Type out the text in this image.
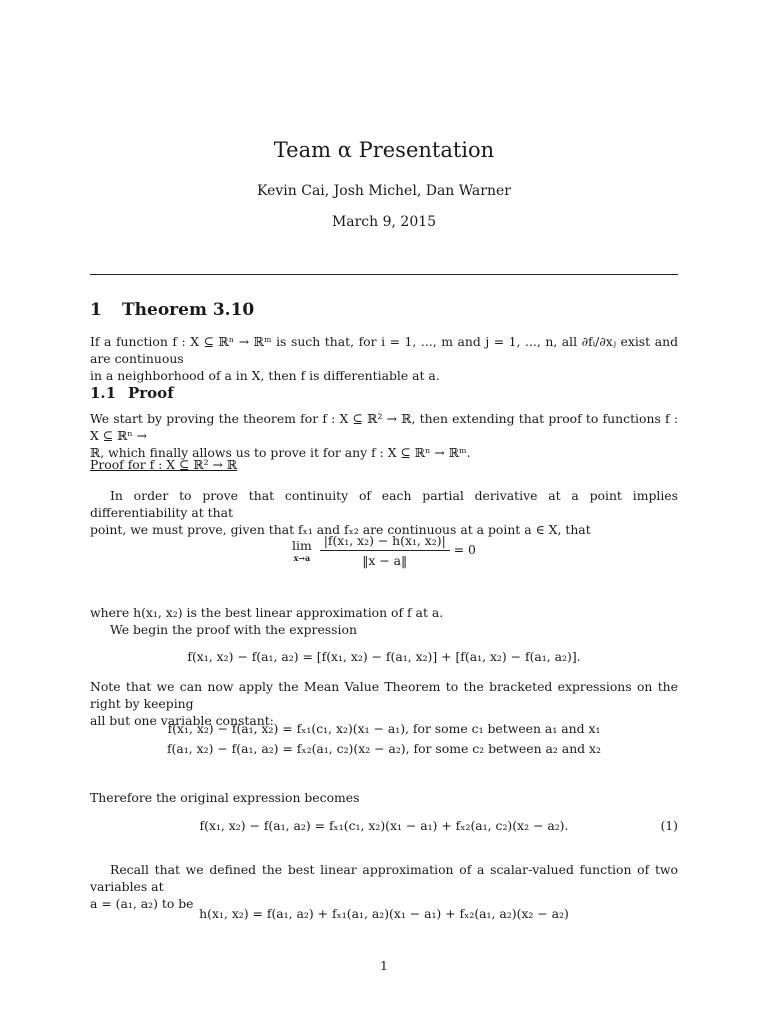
Team α Presentation
Kevin Cai, Josh Michel, Dan Warner
March 9, 2015
1 Theorem 3.10
If a function f : X ⊆ ℝⁿ → ℝᵐ is such that, for i = 1, ..., m and j = 1, ..., n, all ∂fᵢ/∂xⱼ exist and are continuous
in a neighborhood of a in X, then f is differentiable at a.
1.1 Proof
We start by proving the theorem for f : X ⊆ ℝ² → ℝ, then extending that proof to functions f : X ⊆ ℝⁿ →
ℝ, which finally allows us to prove it for any f : X ⊆ ℝⁿ → ℝᵐ.
Proof for f : X ⊆ ℝ² → ℝ
In order to prove that continuity of each partial derivative at a point implies differentiability at that
point, we must prove, given that fₓ₁ and fₓ₂ are continuous at a point a ∈ X, that
lim
x→a
$\frac{\text{|f(x₁, x₂) − h(x₁, x₂)|}}{‖x - a‖} = 0$
where h(x₁, x₂) is the best linear approximation of f at a.
We begin the proof with the expression
f(x₁, x₂) − f(a₁, a₂) = [f(x₁, x₂) − f(a₁, x₂)] + [f(a₁, x₂) − f(a₁, a₂)].
Note that we can now apply the Mean Value Theorem to the bracketed expressions on the right by keeping
all but one variable constant:
f(x₁, x₂) − f(a₁, x₂) = fₓ₁(c₁, x₂)(x₁ − a₁), for some c₁ between a₁ and x₁
f(a₁, x₂) − f(a₁, a₂) = fₓ₂(a₁, c₂)(x₂ − a₂), for some c₂ between a₂ and x₂
Therefore the original expression becomes
f(x₁, x₂) − f(a₁, a₂) = fₓ₁(c₁, x₂)(x₁ − a₁) + fₓ₂(a₁, c₂)(x₂ − a₂).	(1)
Recall that we defined the best linear approximation of a scalar-valued function of two variables at
a = (a₁, a₂) to be
h(x₁, x₂) = f(a₁, a₂) + fₓ₁(a₁, a₂)(x₁ − a₁) + fₓ₂(a₁, a₂)(x₂ − a₂)
1
